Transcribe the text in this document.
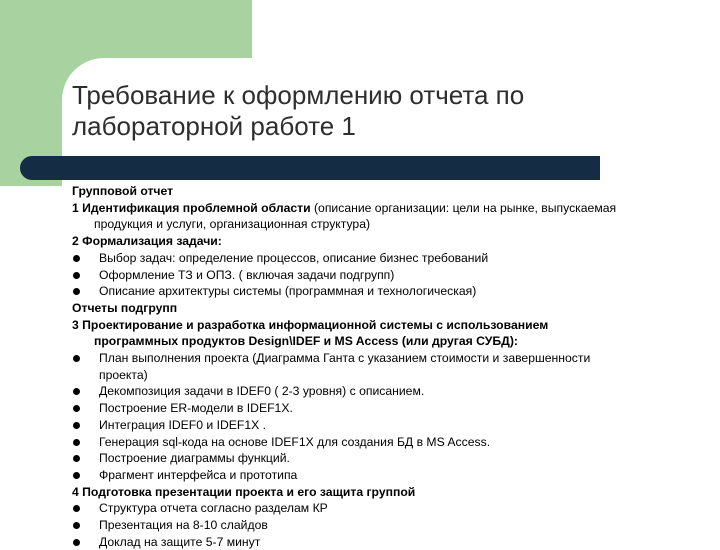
Требование к оформлению отчета по
лабораторной работе 1
Групповой отчет
1 Идентификация проблемной области (описание организации: цели на рынке, выпускаемая
продукция и услуги, организационная структура)
2 Формализация задачи:
Выбор задач: определение процессов, описание бизнес требований
Оформление ТЗ и ОПЗ. ( включая задачи подгрупп)
Описание архитектуры системы (программная и технологическая)
Отчеты подгрупп
3 Проектирование и разработка информационной системы с использованием
программных продуктов Design\IDEF и MS Access (или другая СУБД):
План выполнения проекта (Диаграмма Ганта с указанием стоимости и завершенности
проекта)
Декомпозиция задачи в IDEF0 ( 2-3 уровня) с описанием.
Построение ER-модели в IDEF1X.
Интеграция IDEF0 и IDEF1X .
Генерация sql-кода на основе IDEF1X для создания БД в MS Access.
Построение диаграммы функций.
Фрагмент интерфейса и прототипа
4 Подготовка презентации проекта и его защита группой
Структура отчета согласно разделам КР
Презентация на 8-10 слайдов
Доклад на защите 5-7 минут
